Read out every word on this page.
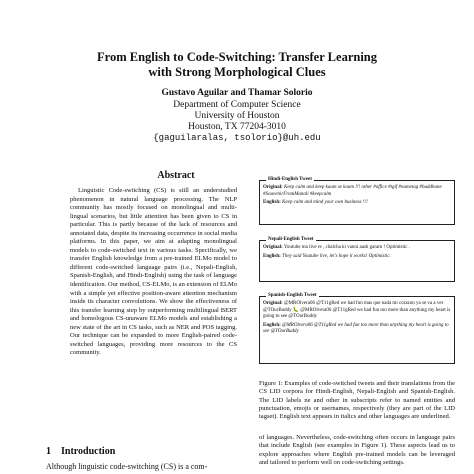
From English to Code-Switching: Transfer Learning
with Strong Morphological Clues
Gustavo Aguilar and Thamar Solorio
Department of Computer Science
University of Houston
Houston, TX 77204-3010
{gaguilaralas, tsolorio}@uh.edu
Abstract

Linguistic Code-switching (CS) is still an understudied phenomenon in natural language processing. The NLP community has mostly focused on monolingual and multi-lingual scenarios, but little attention has been given to CS in particular. This is partly because of the lack of resources and annotated data, despite its increasing occurrence in social media platforms. In this paper, we aim at adapting monolingual models to code-switched text in various tasks. Specifically, we transfer English knowledge from a pre-trained ELMo model to different code-switched language pairs (i.e., Nepali-English, Spanish-English, and Hindi-English) using the task of language identification. Our method, CS-ELMo, is an extension of ELMo with a simple yet effective position-aware attention mechanism inside its character convolutions. We show the effectiveness of this transfer learning step by outperforming multilingual BERT and homologous CS-unaware ELMo models and establishing a new state of the art in CS tasks, such as NER and POS tagging. Our technique can be expanded to more English-paired code-switched languages, providing more resources to the CS community.

1 Introduction
Although linguistic code-switching (CS) is a com-
Hindi-English Tweet
Original: Keep calm and keep kaam se kaam !!! other #office #tgif #nametag #buddhane #SouvenirFromManali #keepcalm
English: Keep calm and mind your own business !!!
Nepali-English Tweet
Original: Youtube ma live re , chalcha ki vanni aash garam ! Optimistic .
English: They said Youtube live, let's hope it works! Optimistic.
Spanish-English Tweet
Original: @MROlvera06 @T11gRed we had fun mas que nada mi corazon ya se va a ver @TOurBuddy 🐛 @MROlvera06 @T11gRed we had fun too more than anything my heart is going to see @TOurBuddy
English: @MROlvera06 @T11gRed we had fun too more than anything my heart is going to see @TOurBuddy
Figure 1: Examples of code-switched tweets and their translations from the CS LID corpora for Hindi-English, Nepali-English and Spanish-English. The LID labels ne and other in subscripts refer to named entities and punctuation, emojis or usernames, respectively (they are part of the LID tagset). English text appears in italics and other languages are underlined.

of languages. Nevertheless, code-switching often occurs in language pairs that include English (see examples in Figure 1). These aspects lead us to explore approaches where English pre-trained models can be leveraged and tailored to perform well on code-switching settings.
